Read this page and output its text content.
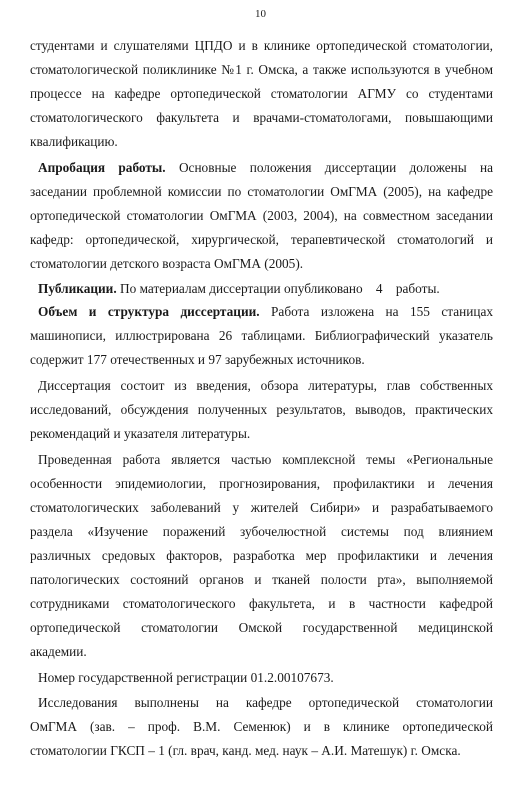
10
студентами и слушателями ЦПДО и в клинике ортопедической стоматологии,
стоматологической поликлинике №1 г. Омска, а также используются в учебном
процессе на кафедре ортопедической стоматологии АГМУ со студентами
стоматологического факультета и врачами-стоматологами, повышающими
квалификацию.
Апробация работы. Основные положения диссертации доложены на
заседании проблемной комиссии по стоматологии ОмГМА (2005), на кафедре
ортопедической стоматологии ОмГМА (2003, 2004), на совместном заседании
кафедр: ортопедической, хирургической, терапевтической стоматологий и
стоматологии детского возраста ОмГМА (2005).
Публикации. По материалам диссертации опубликовано    4    работы.
Объем и структура диссертации. Работа изложена на 155 станицах
машинописи, иллюстрирована 26 таблицами. Библиографический указатель
содержит 177 отечественных и 97 зарубежных источников.
Диссертация состоит из введения, обзора литературы, глав собственных
исследований, обсуждения полученных результатов, выводов, практических
рекомендаций и указателя литературы.
Проведенная работа является частью комплексной темы «Региональные
особенности эпидемиологии, прогнозирования, профилактики и лечения
стоматологических заболеваний у жителей Сибири» и разрабатываемого
раздела «Изучение поражений зубочелюстной системы под влиянием
различных средовых факторов, разработка мер профилактики и лечения
патологических состояний органов и тканей полости рта», выполняемой
сотрудниками стоматологического факультета, и в частности кафедрой
ортопедической стоматологии Омской государственной медицинской
академии.
Номер государственной регистрации 01.2.00107673.
Исследования выполнены на кафедре ортопедической стоматологии
ОмГМА (зав. – проф. В.М. Семенюк) и в клинике ортопедической
стоматологии ГКСП – 1 (гл. врач, канд. мед. наук – А.И. Матешук) г. Омска.
